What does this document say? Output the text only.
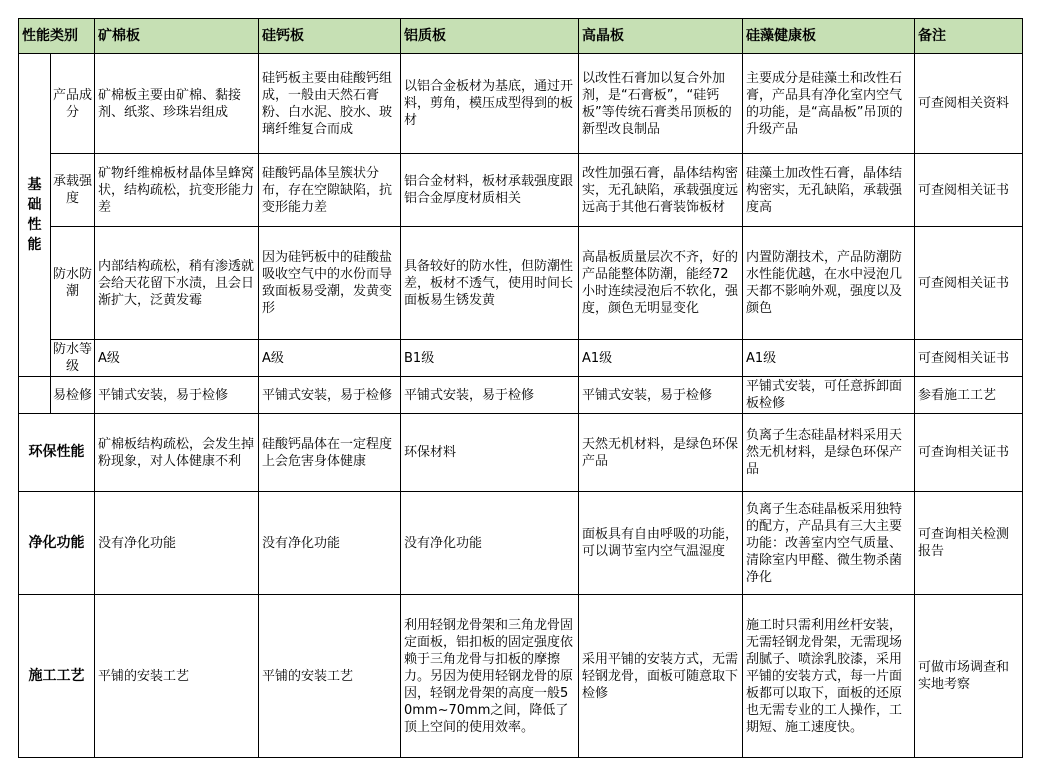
性能类别		矿棉板	硅钙板	铝质板	高晶板	硅藻健康板	备注
基础性能	产品成分	矿棉板主要由矿棉、黏接剂、纸浆、珍珠岩组成	硅钙板主要由硅酸钙组成，一般由天然石膏粉、白水泥、胶水、玻璃纤维复合而成	以铝合金板材为基底，通过开料，剪角，模压成型得到的板材	以改性石膏加以复合外加剂，是“石膏板”，“硅钙板”等传统石膏类吊顶板的新型改良制品	主要成分是硅藻土和改性石膏，产品具有净化室内空气的功能，是“高晶板”吊顶的升级产品	可查阅相关资料
	承载强度	矿物纤维棉板材晶体呈蜂窝状，结构疏松，抗变形能力差	硅酸钙晶体呈簇状分布，存在空隙缺陷，抗变形能力差	铝合金材料，板材承载强度跟铝合金厚度材质相关	改性加强石膏，晶体结构密实，无孔缺陷，承载强度远远高于其他石膏装饰板材	硅藻土加改性石膏，晶体结构密实，无孔缺陷，承载强度高	可查阅相关证书
	防水防潮	内部结构疏松，稍有渗透就会给天花留下水渍，且会日渐扩大，泛黄发霉	因为硅钙板中的硅酸盐吸收空气中的水份而导致面板易受潮，发黄变形	具备较好的防水性，但防潮性差，板材不透气，使用时间长面板易生锈发黄	高晶板质量层次不齐，好的产品能整体防潮，能经72小时连续浸泡后不软化，强度，颜色无明显变化	内置防潮技术，产品防潮防水性能优越，在水中浸泡几天都不影响外观，强度以及颜色	可查阅相关证书
	防水等级	A级	A级	B1级	A1级	A1级	可查阅相关证书
	易检修	平铺式安装，易于检修	平铺式安装，易于检修	平铺式安装，易于检修	平铺式安装，易于检修	平铺式安装，可任意拆卸面板检修	参看施工工艺
环保性能		矿棉板结构疏松，会发生掉粉现象，对人体健康不利	硅酸钙晶体在一定程度上会危害身体健康	环保材料	天然无机材料，是绿色环保产品	负离子生态硅晶材料采用天然无机材料，是绿色环保产品	可查询相关证书
净化功能		没有净化功能	没有净化功能	没有净化功能	面板具有自由呼吸的功能，可以调节室内空气温湿度	负离子生态硅晶板采用独特的配方，产品具有三大主要功能：改善室内空气质量、清除室内甲醛、微生物杀菌净化	可查询相关检测报告
施工工艺		平铺的安装工艺	平铺的安装工艺	利用轻钢龙骨架和三角龙骨固定面板，铝扣板的固定强度依赖于三角龙骨与扣板的摩擦力。另因为使用轻钢龙骨的原因，轻钢龙骨架的高度一般50mm~70mm之间，降低了顶上空间的使用效率。	采用平铺的安装方式，无需轻钢龙骨，面板可随意取下检修	施工时只需利用丝杆安装，无需轻钢龙骨架，无需现场刮腻子、喷涂乳胶漆，采用平铺的安装方式，每一片面板都可以取下，面板的还原也无需专业的工人操作，工期短、施工速度快。	可做市场调查和实地考察
